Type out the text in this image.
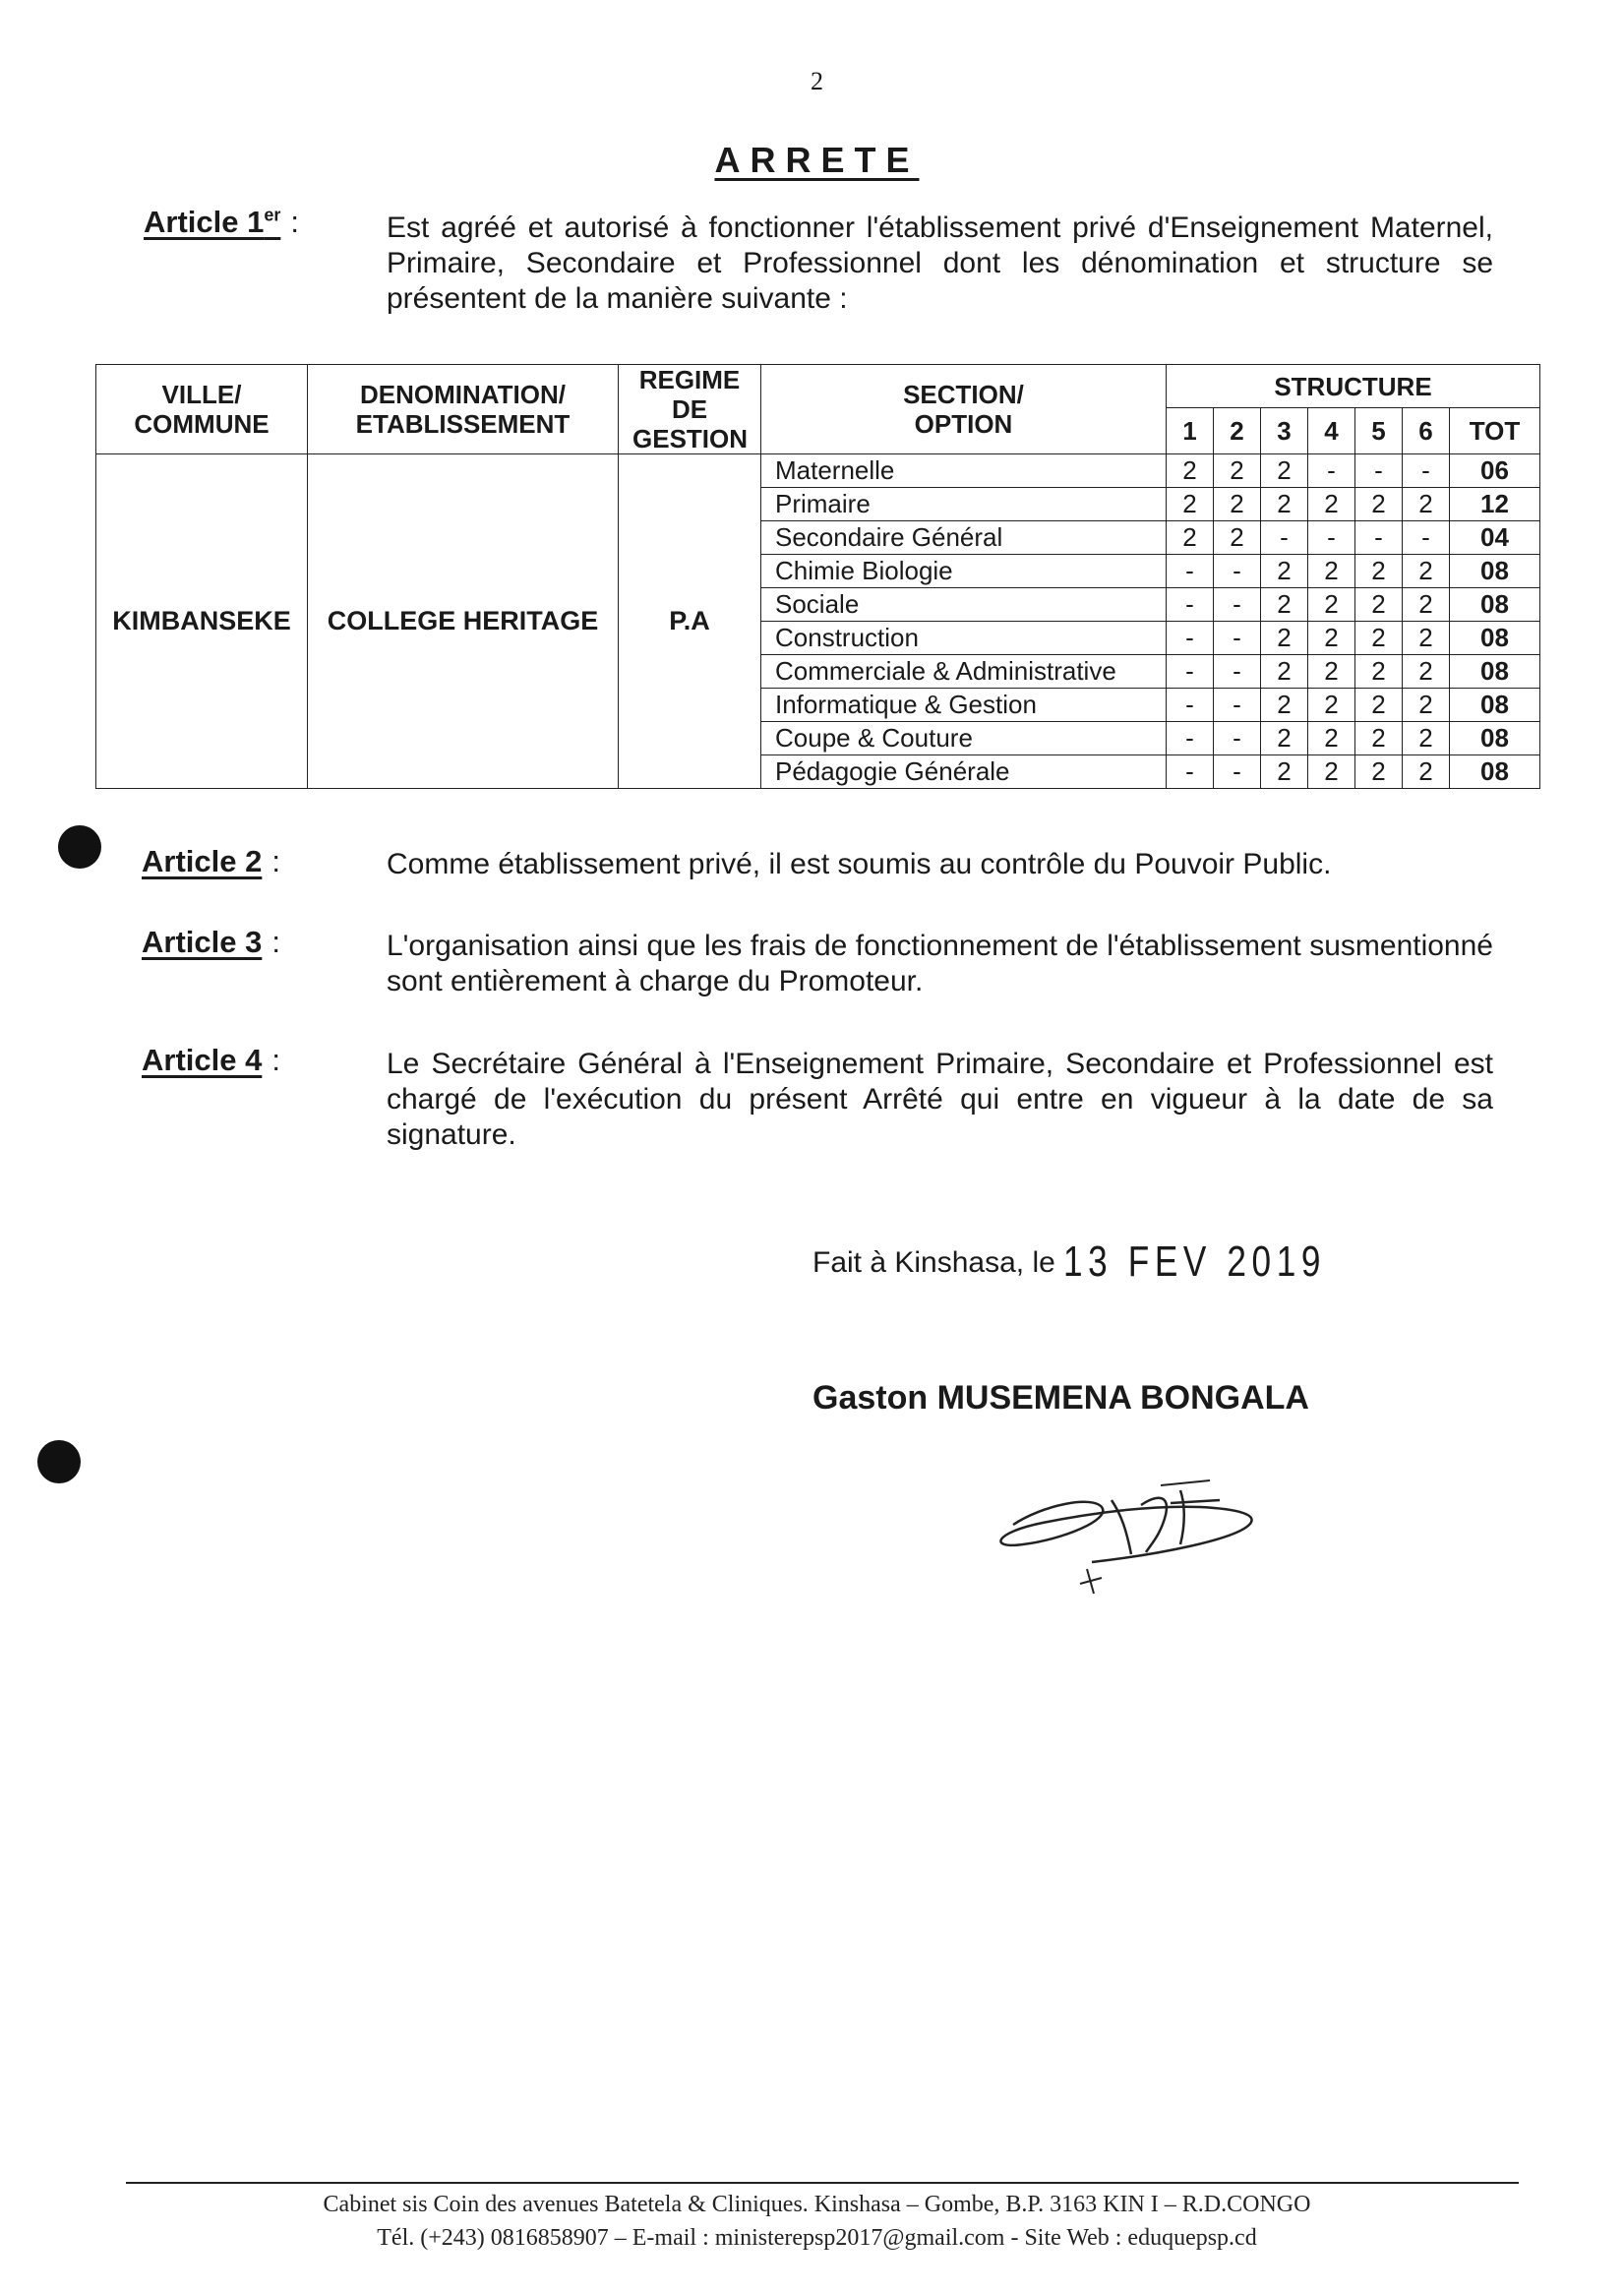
2
ARRETE
Article 1er :	Est agréé et autorisé à fonctionner l'établissement privé d'Enseignement Maternel, Primaire, Secondaire et Professionnel dont les dénomination et structure se présentent de la manière suivante :
VILLE/ COMMUNE	DENOMINATION/ ETABLISSEMENT	REGIME DE GESTION	SECTION/ OPTION	STRUCTURE						
				1	2	3	4	5	6	TOT
KIMBANSEKE	COLLEGE HERITAGE	P.A	Maternelle	2	2	2	-	-	-	06
			Primaire	2	2	2	2	2	2	12
			Secondaire Général	2	2	-	-	-	-	04
			Chimie Biologie	-	-	2	2	2	2	08
			Sociale	-	-	2	2	2	2	08
			Construction	-	-	2	2	2	2	08
			Commerciale & Administrative	-	-	2	2	2	2	08
			Informatique & Gestion	-	-	2	2	2	2	08
			Coupe & Couture	-	-	2	2	2	2	08
			Pédagogie Générale	-	-	2	2	2	2	08
Article 2 :	Comme établissement privé, il est soumis au contrôle du Pouvoir Public.
Article 3 :	L'organisation ainsi que les frais de fonctionnement de l'établissement susmentionné sont entièrement à charge du Promoteur.
Article 4 :	Le Secrétaire Général à l'Enseignement Primaire, Secondaire et Professionnel est chargé de l'exécution du présent Arrêté qui entre en vigueur à la date de sa signature.
Fait à Kinshasa, le 13 FEV 2019
Gaston MUSEMENA BONGALA
Cabinet sis Coin des avenues Batetela & Cliniques. Kinshasa – Gombe, B.P. 3163 KIN I – R.D.CONGO
Tél. (+243) 0816858907 – E-mail : ministerepsp2017@gmail.com - Site Web : eduquepsp.cd
